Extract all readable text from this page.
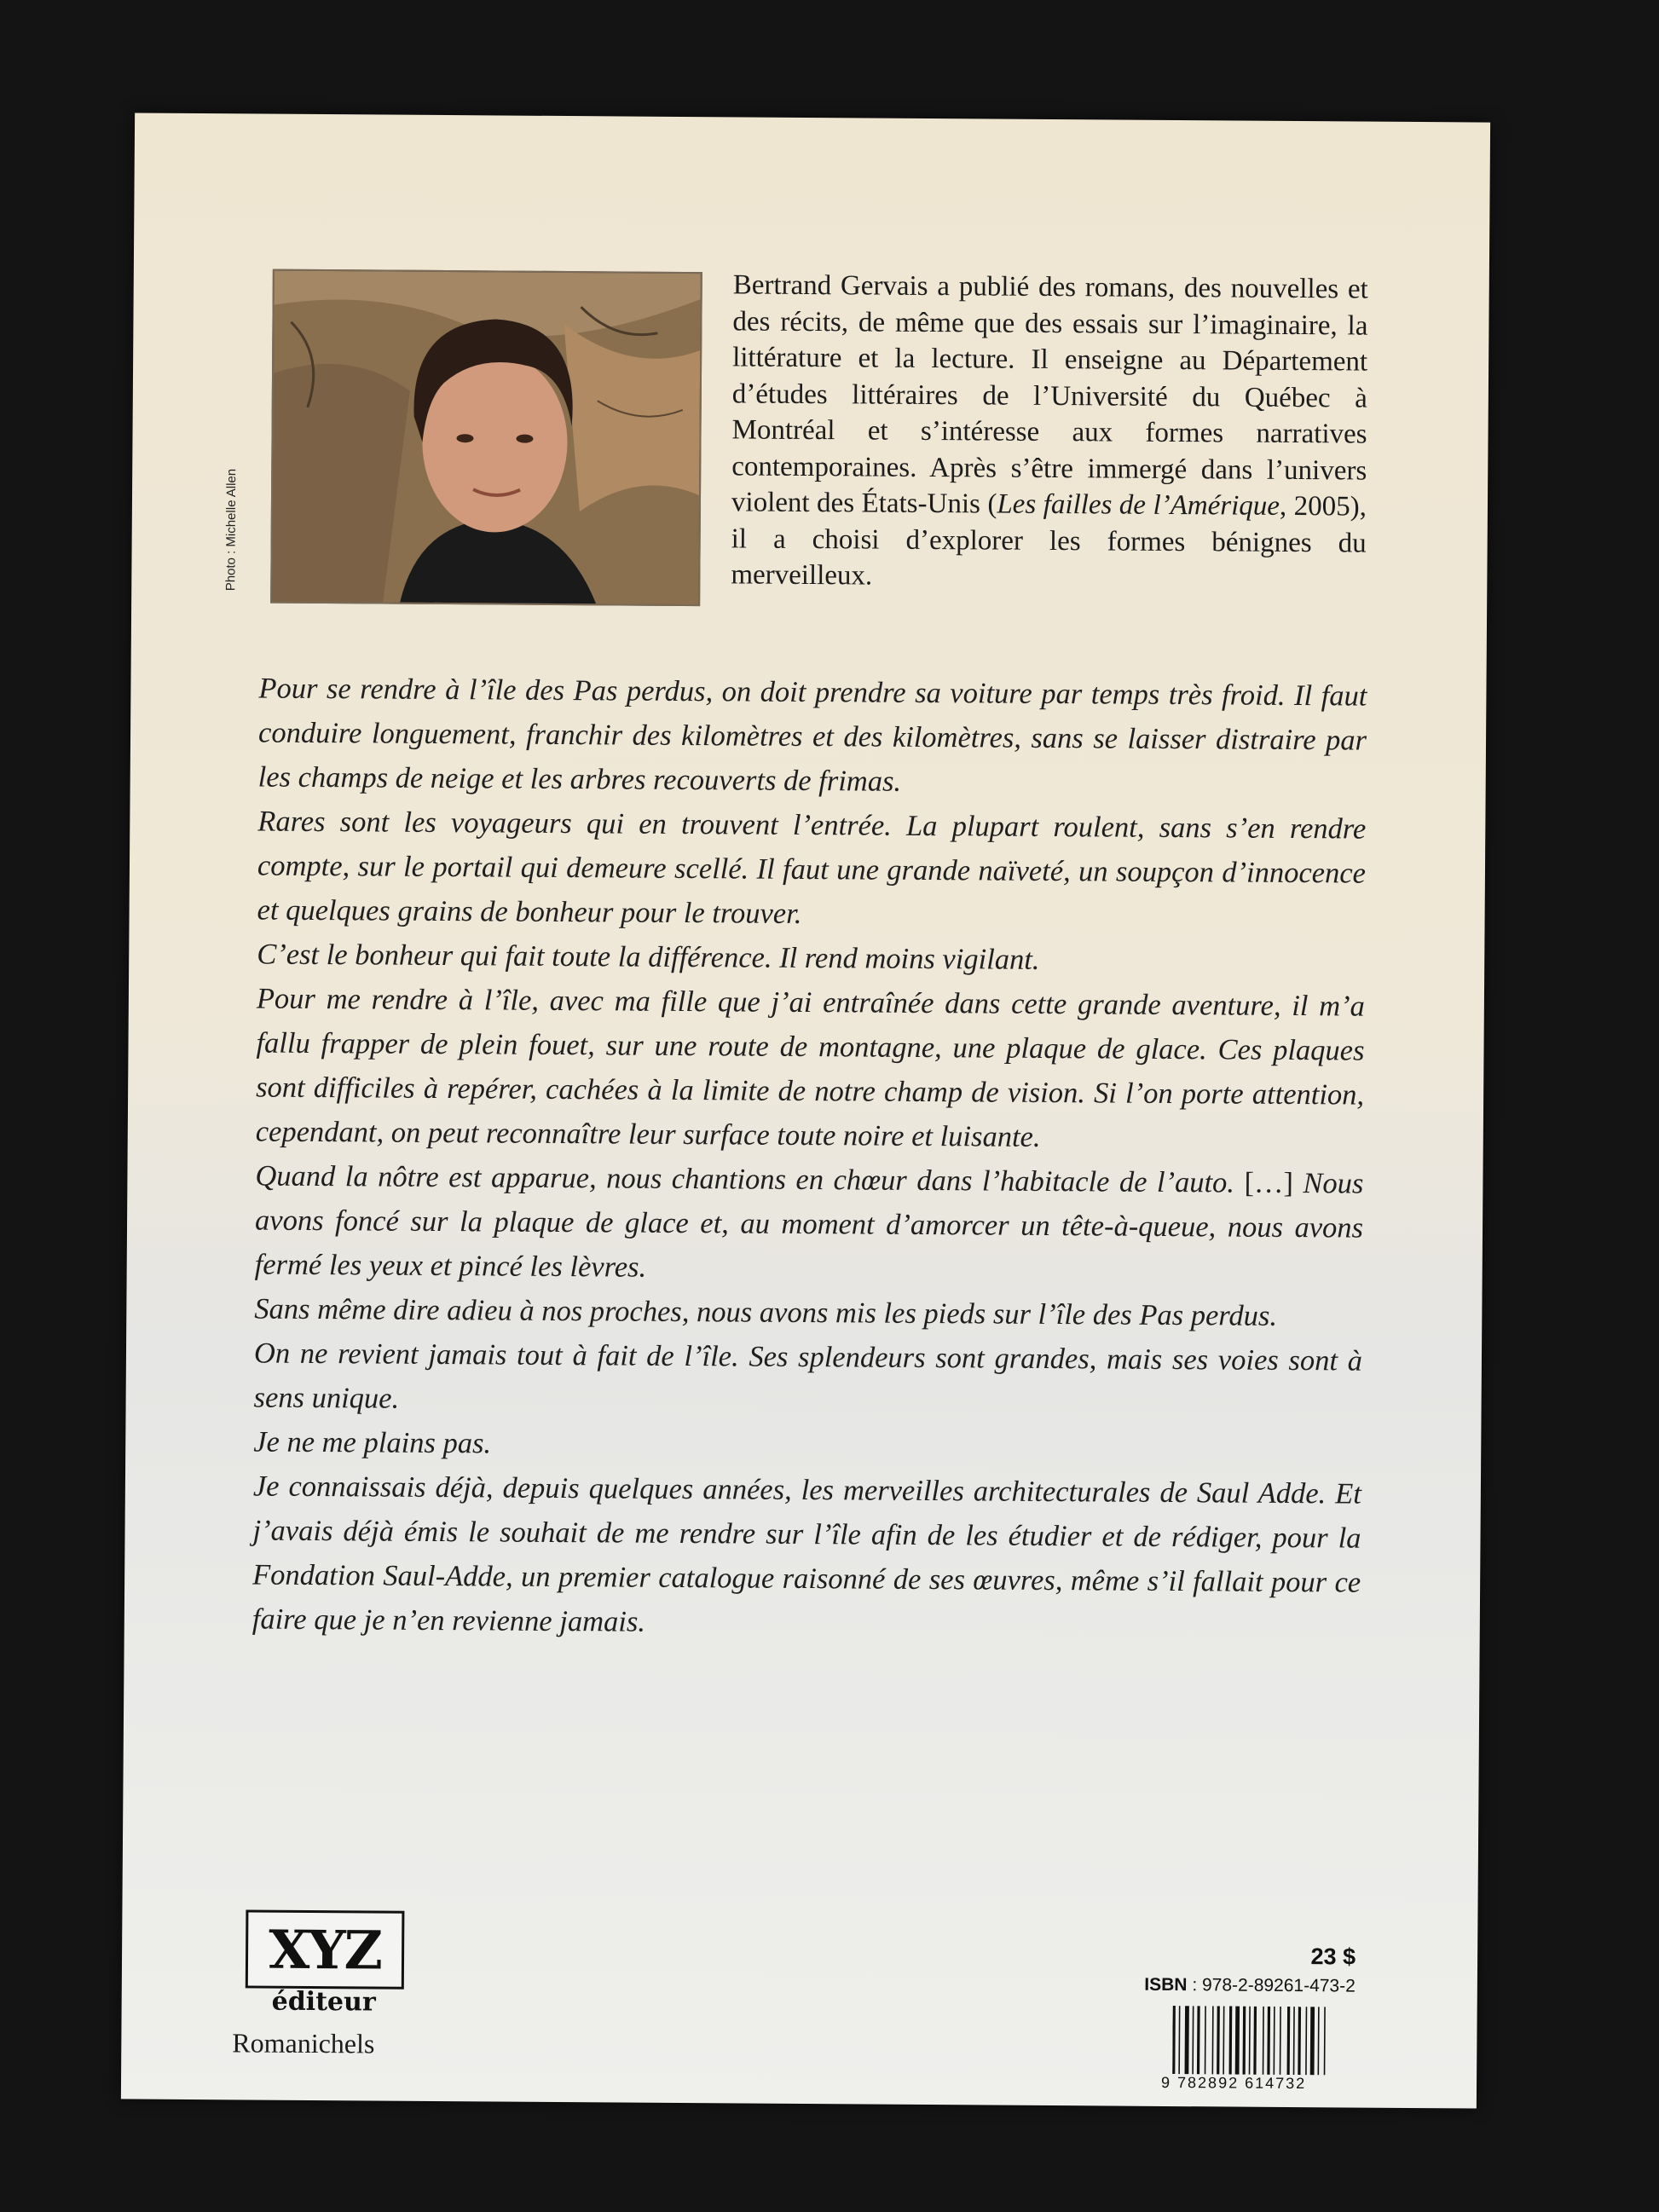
Photo : Michelle Allen

Bertrand Gervais a publié des romans, des nouvelles et des récits, de même que des essais sur l’imaginaire, la littérature et la lecture. Il enseigne au Département d’études littéraires de l’Université du Québec à Montréal et s’intéresse aux formes narratives contemporaines. Après s’être immergé dans l’univers violent des États-Unis (Les failles de l’Amérique, 2005), il a choisi d’explorer les formes bénignes du merveilleux.

Pour se rendre à l’île des Pas perdus, on doit prendre sa voiture par temps très froid. Il faut conduire longuement, franchir des kilomètres et des kilomètres, sans se laisser distraire par les champs de neige et les arbres recouverts de frimas.

Rares sont les voyageurs qui en trouvent l’entrée. La plupart roulent, sans s’en rendre compte, sur le portail qui demeure scellé. Il faut une grande naïveté, un soupçon d’innocence et quelques grains de bonheur pour le trouver.

C’est le bonheur qui fait toute la différence. Il rend moins vigilant.

Pour me rendre à l’île, avec ma fille que j’ai entraînée dans cette grande aventure, il m’a fallu frapper de plein fouet, sur une route de montagne, une plaque de glace. Ces plaques sont difficiles à repérer, cachées à la limite de notre champ de vision. Si l’on porte attention, cependant, on peut reconnaître leur surface toute noire et luisante.

Quand la nôtre est apparue, nous chantions en chœur dans l’habitacle de l’auto. […] Nous avons foncé sur la plaque de glace et, au moment d’amorcer un tête-à-queue, nous avons fermé les yeux et pincé les lèvres.

Sans même dire adieu à nos proches, nous avons mis les pieds sur l’île des Pas perdus.

On ne revient jamais tout à fait de l’île. Ses splendeurs sont grandes, mais ses voies sont à sens unique.

Je ne me plains pas.

Je connaissais déjà, depuis quelques années, les merveilles architecturales de Saul Adde. Et j’avais déjà émis le souhait de me rendre sur l’île afin de les étudier et de rédiger, pour la Fondation Saul-Adde, un premier catalogue raisonné de ses œuvres, même s’il fallait pour ce faire que je n’en revienne jamais.

XYZ
éditeur
Romanichels
23 $
ISBN : 978-2-89261-473-2
9 782892 614732
